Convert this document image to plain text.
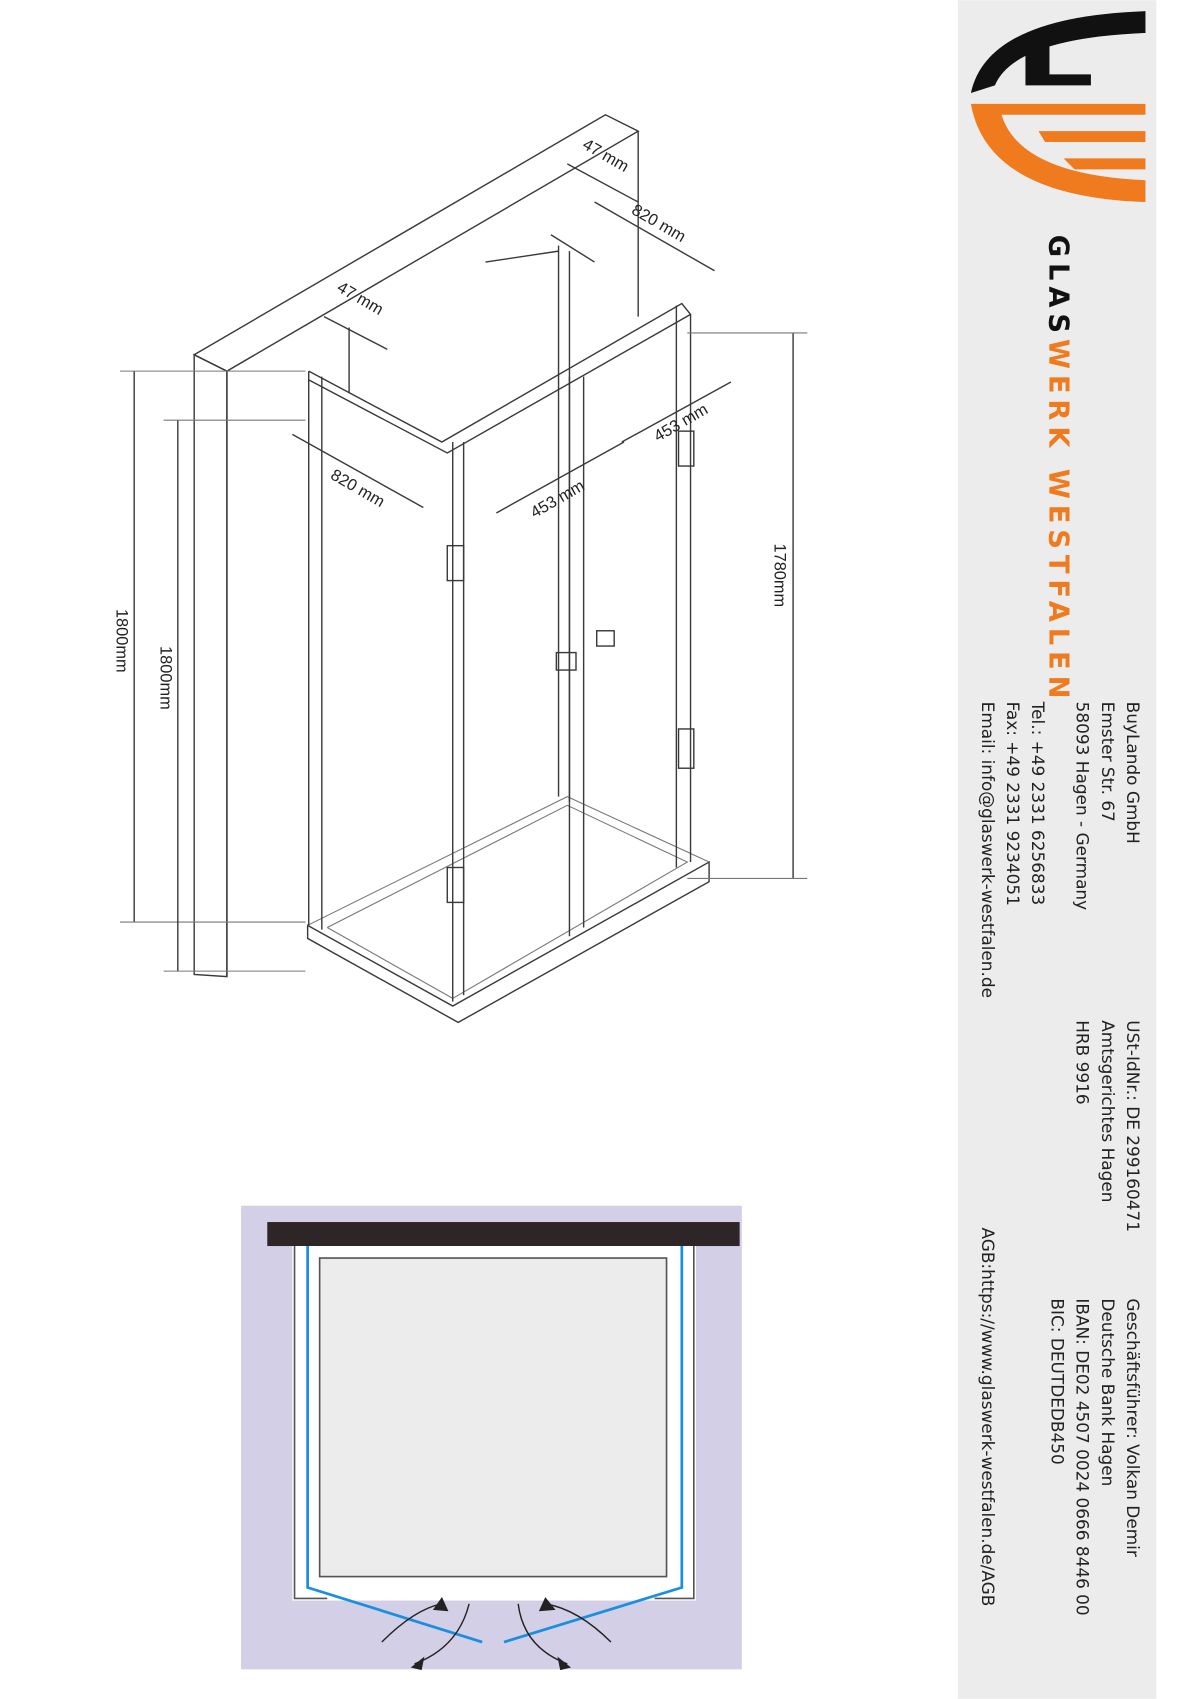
47 mm
820 mm
47 mm
820 mm	453 mm
453 mm
1800mm
1800mm
1780mm
GLASWERK WESTFALEN
BuyLando GmbH
Emster Str. 67
58093 Hagen - Germany
Tel.: +49 2331 6256833
Fax: +49 2331 9234051
Email: info@glaswerk-westfalen.de
USt-IdNr.: DE 299160471
Amtsgerichtes Hagen
HRB 9916
AGB:https://www.glaswerk-westfalen.de/AGB	Geschäftsführer: Volkan Demir
Deutsche Bank Hagen
IBAN: DE02 4507 0024 0666 8446 00
BIC: DEUTDEDB450
